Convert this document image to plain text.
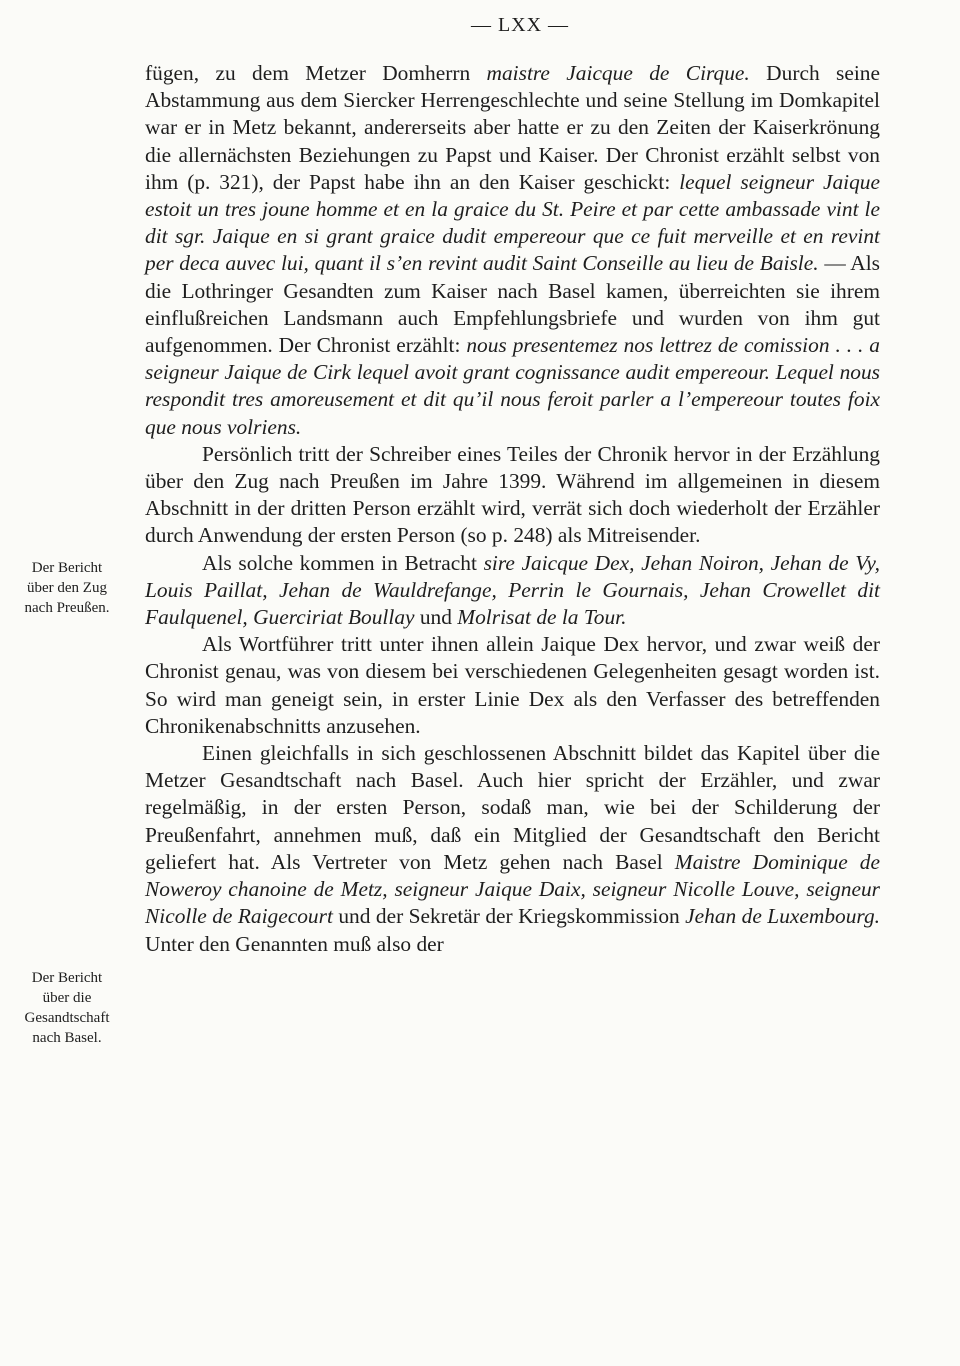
— LXX —
Der Bericht
über den Zug
nach Preußen.
Der Bericht
über die
Gesandtschaft
nach Basel.

fügen, zu dem Metzer Domherrn maistre Jaicque de Cirque. Durch seine Abstammung aus dem Siercker Herrengeschlechte und seine Stellung im Domkapitel war er in Metz bekannt, andererseits aber hatte er zu den Zeiten der Kaiserkrönung die allernächsten Beziehungen zu Papst und Kaiser. Der Chronist erzählt selbst von ihm (p. 321), der Papst habe ihn an den Kaiser geschickt: lequel seigneur Jaique estoit un tres joune homme et en la graice du St. Peire et par cette ambassade vint le dit sgr. Jaique en si grant graice dudit empereour que ce fuit merveille et en revint per deca auvec lui, quant il s’en revint audit Saint Conseille au lieu de Baisle. — Als die Lothringer Gesandten zum Kaiser nach Basel kamen, überreichten sie ihrem einflußreichen Landsmann auch Empfehlungsbriefe und wurden von ihm gut aufgenommen. Der Chronist erzählt: nous presentemez nos lettrez de comission . . . a seigneur Jaique de Cirk lequel avoit grant cognissance audit empereour. Lequel nous respondit tres amoreusement et dit qu’il nous feroit parler a l’empereour toutes foix que nous volriens.

Persönlich tritt der Schreiber eines Teiles der Chronik hervor in der Erzählung über den Zug nach Preußen im Jahre 1399. Während im allgemeinen in diesem Abschnitt in der dritten Person erzählt wird, verrät sich doch wiederholt der Erzähler durch Anwendung der ersten Person (so p. 248) als Mitreisender.

Als solche kommen in Betracht sire Jaicque Dex, Jehan Noiron, Jehan de Vy, Louis Paillat, Jehan de Wauldrefange, Perrin le Gournais, Jehan Crowellet dit Faulquenel, Guerciriat Boullay und Molrisat de la Tour.

Als Wortführer tritt unter ihnen allein Jaique Dex hervor, und zwar weiß der Chronist genau, was von diesem bei verschiedenen Gelegenheiten gesagt worden ist. So wird man geneigt sein, in erster Linie Dex als den Verfasser des betreffenden Chronikenabschnitts anzusehen.

Einen gleichfalls in sich geschlossenen Abschnitt bildet das Kapitel über die Metzer Gesandtschaft nach Basel. Auch hier spricht der Erzähler, und zwar regelmäßig, in der ersten Person, sodaß man, wie bei der Schilderung der Preußenfahrt, annehmen muß, daß ein Mitglied der Gesandtschaft den Bericht geliefert hat. Als Vertreter von Metz gehen nach Basel Maistre Dominique de Noweroy chanoine de Metz, seigneur Jaique Daix, seigneur Nicolle Louve, seigneur Nicolle de Raigecourt und der Sekretär der Kriegskommission Jehan de Luxembourg. Unter den Genannten muß also der
